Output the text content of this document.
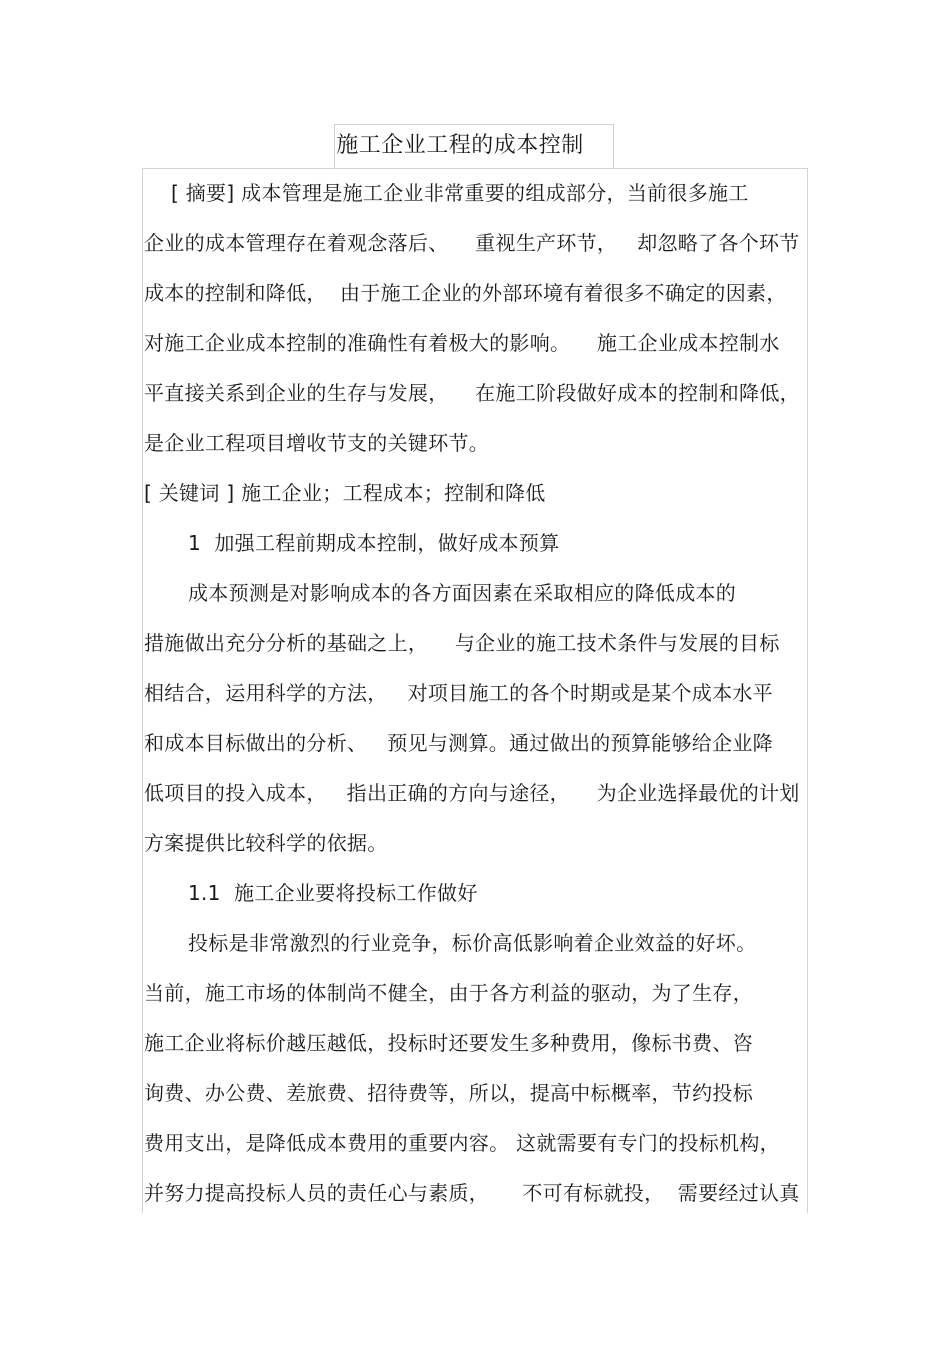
施工企业工程的成本控制
[ 摘要] 成本管理是施工企业非常重要的组成部分，当前很多施工
企业的成本管理存在着观念落后、    重视生产环节，   却忽略了各个环节
成本的控制和降低，  由于施工企业的外部环境有着很多不确定的因素，
对施工企业成本控制的准确性有着极大的影响。    施工企业成本控制水
平直接关系到企业的生存与发展，    在施工阶段做好成本的控制和降低，
是企业工程项目增收节支的关键环节。
[ 关键词 ] 施工企业；工程成本；控制和降低
1  加强工程前期成本控制，做好成本预算
成本预测是对影响成本的各方面因素在采取相应的降低成本的
措施做出充分分析的基础之上，    与企业的施工技术条件与发展的目标
相结合，运用科学的方法，   对项目施工的各个时期或是某个成本水平
和成本目标做出的分析、   预见与测算。通过做出的预算能够给企业降
低项目的投入成本，   指出正确的方向与途径，    为企业选择最优的计划
方案提供比较科学的依据。
1.1  施工企业要将投标工作做好
投标是非常激烈的行业竞争，标价高低影响着企业效益的好坏。
当前，施工市场的体制尚不健全，由于各方利益的驱动，为了生存，
施工企业将标价越压越低，投标时还要发生多种费用，像标书费、咨
询费、办公费、差旅费、招待费等，所以，提高中标概率，节约投标
费用支出，是降低成本费用的重要内容。 这就需要有专门的投标机构，
并努力提高投标人员的责任心与素质，     不可有标就投，  需要经过认真
